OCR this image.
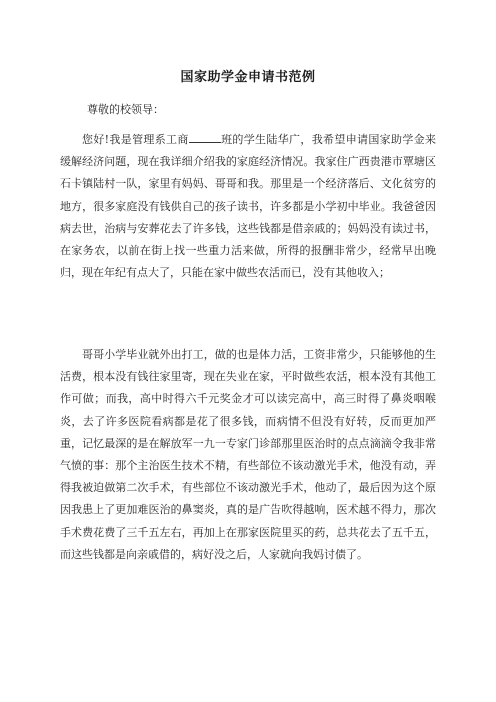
国家助学金申请书范例
尊敬的校领导：

您好!我是管理系工商	班的学生陆华广，我希望申请国家助学金来缓解经济问题，现在我详细介绍我的家庭经济情况。我家住广西贵港市覃塘区石卡镇陆村一队，家里有妈妈、哥哥和我。那里是一个经济落后、文化贫穷的地方，很多家庭没有钱供自己的孩子读书，许多都是小学初中毕业。我爸爸因病去世，治病与安葬花去了许多钱，这些钱都是借亲戚的；妈妈没有读过书，在家务农，以前在街上找一些重力活来做，所得的报酬非常少，经常早出晚归，现在年纪有点大了，只能在家中做些农活而已，没有其他收入；

哥哥小学毕业就外出打工，做的也是体力活，工资非常少，只能够他的生活费，根本没有钱往家里寄，现在失业在家，平时做些农活，根本没有其他工作可做；而我，高中时得六千元奖金才可以读完高中，高三时得了鼻炎咽喉炎，去了许多医院看病都是花了很多钱，而病情不但没有好转，反而更加严重，记忆最深的是在解放军一九一专家门诊部那里医治时的点点滴滴令我非常气愤的事：那个主治医生技术不精，有些部位不该动激光手术，他没有动，弄得我被迫做第二次手术，有些部位不该动激光手术，他动了，最后因为这个原因我患上了更加难医治的鼻窦炎，真的是广告吹得越响，医术越不得力，那次手术费花费了三千五左右，再加上在那家医院里买的药，总共花去了五千五，而这些钱都是向亲戚借的，病好没之后，人家就向我妈讨债了。
